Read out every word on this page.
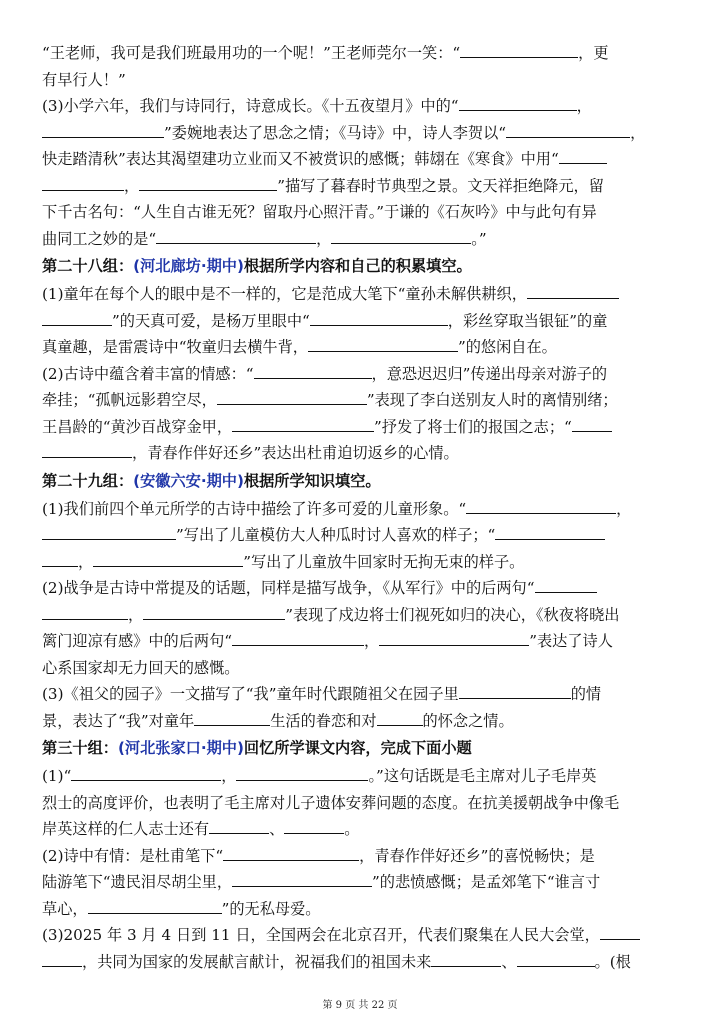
“王老师，我可是我们班最用功的一个呢！”王老师莞尔一笑：“	，更
有早行人！”

(3)小学六年，我们与诗同行，诗意成长。《十五夜望月》中的“	，
”委婉地表达了思念之情；《马诗》中，诗人李贺以“	，
快走踏清秋”表达其渴望建功立业而又不被赏识的感慨；韩翃在《寒食》中用“
，	”描写了暮春时节典型之景。文天祥拒绝降元，留
下千古名句：“人生自古谁无死？留取丹心照汗青。”于谦的《石灰吟》中与此句有异
曲同工之妙的是“	，	。”

第二十八组：(河北廊坊·期中)根据所学内容和自己的积累填空。

(1)童年在每个人的眼中是不一样的，它是范成大笔下“童孙未解供耕织，
”的天真可爱，是杨万里眼中“	，彩丝穿取当银钲”的童
真童趣，是雷震诗中“牧童归去横牛背，	”的悠闲自在。

(2)古诗中蕴含着丰富的情感：“	，意恐迟迟归”传递出母亲对游子的
牵挂；“孤帆远影碧空尽，	”表现了李白送别友人时的离情别绪；
王昌龄的“黄沙百战穿金甲，	”抒发了将士们的报国之志；“
，青春作伴好还乡”表达出杜甫迫切返乡的心情。

第二十九组：(安徽六安·期中)根据所学知识填空。

(1)我们前四个单元所学的古诗中描绘了许多可爱的儿童形象。“	，
”写出了儿童模仿大人种瓜时讨人喜欢的样子；“
，	”写出了儿童放牛回家时无拘无束的样子。

(2)战争是古诗中常提及的话题，同样是描写战争，《从军行》中的后两句“
，	”表现了戍边将士们视死如归的决心，《秋夜将晓出
篱门迎凉有感》中的后两句“	，	”表达了诗人
心系国家却无力回天的感慨。

(3)《祖父的园子》一文描写了“我”童年时代跟随祖父在园子里	的情
景，表达了“我”对童年	生活的眷恋和对	的怀念之情。

第三十组：(河北张家口·期中)回忆所学课文内容，完成下面小题

(1)“	，	。”这句话既是毛主席对儿子毛岸英
烈士的高度评价，也表明了毛主席对儿子遗体安葬问题的态度。在抗美援朝战争中像毛
岸英这样的仁人志士还有	、	。

(2)诗中有情：是杜甫笔下“	，青春作伴好还乡”的喜悦畅快；是
陆游笔下“遗民泪尽胡尘里，	”的悲愤感慨；是孟郊笔下“谁言寸
草心，	”的无私母爱。

(3)2025 年 3 月 4 日到 11 日，全国两会在北京召开，代表们聚集在人民大会堂，
，共同为国家的发展献言献计，祝福我们的祖国未来	、	。(根

第 9 页 共 22 页
